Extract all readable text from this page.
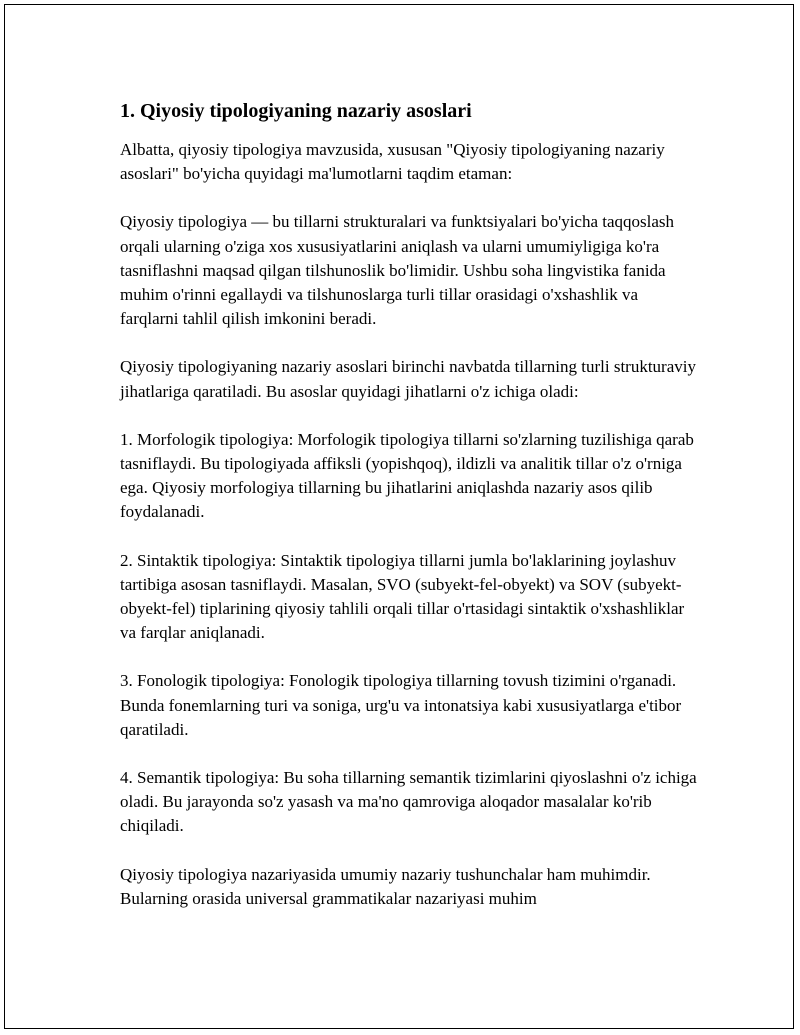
1. Qiyosiy tipologiyaning nazariy asoslari

Albatta, qiyosiy tipologiya mavzusida, xususan "Qiyosiy tipologiyaning nazariy asoslari" bo'yicha quyidagi ma'lumotlarni taqdim etaman:

Qiyosiy tipologiya — bu tillarni strukturalari va funktsiyalari bo'yicha taqqoslash orqali ularning o'ziga xos xususiyatlarini aniqlash va ularni umumiyligiga ko'ra tasniflashni maqsad qilgan tilshunoslik bo'limidir. Ushbu soha lingvistika fanida muhim o'rinni egallaydi va tilshunoslarga turli tillar orasidagi o'xshashlik va farqlarni tahlil qilish imkonini beradi.

Qiyosiy tipologiyaning nazariy asoslari birinchi navbatda tillarning turli strukturaviy jihatlariga qaratiladi. Bu asoslar quyidagi jihatlarni o'z ichiga oladi:

1. Morfologik tipologiya: Morfologik tipologiya tillarni so'zlarning tuzilishiga qarab tasniflaydi. Bu tipologiyada affiksli (yopishqoq), ildizli va analitik tillar o'z o'rniga ega. Qiyosiy morfologiya tillarning bu jihatlarini aniqlashda nazariy asos qilib foydalanadi.

2. Sintaktik tipologiya: Sintaktik tipologiya tillarni jumla bo'laklarining joylashuv tartibiga asosan tasniflaydi. Masalan, SVO (subyekt-fel-obyekt) va SOV (subyekt-obyekt-fel) tiplarining qiyosiy tahlili orqali tillar o'rtasidagi sintaktik o'xshashliklar va farqlar aniqlanadi.

3. Fonologik tipologiya: Fonologik tipologiya tillarning tovush tizimini o'rganadi. Bunda fonemlarning turi va soniga, urg'u va intonatsiya kabi xususiyatlarga e'tibor qaratiladi.

4. Semantik tipologiya: Bu soha tillarning semantik tizimlarini qiyoslashni o'z ichiga oladi. Bu jarayonda so'z yasash va ma'no qamroviga aloqador masalalar ko'rib chiqiladi.

Qiyosiy tipologiya nazariyasida umumiy nazariy tushunchalar ham muhimdir. Bularning orasida universal grammatikalar nazariyasi muhim
